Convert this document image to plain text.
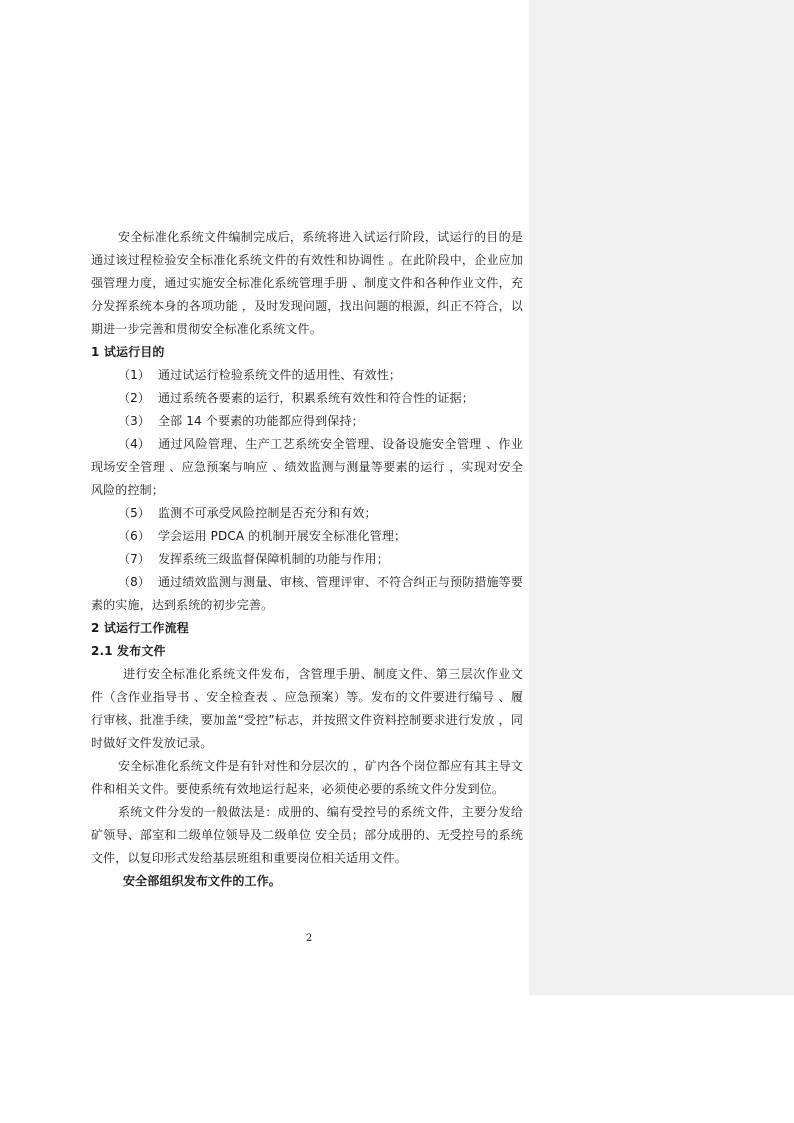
安全标准化系统文件编制完成后，系统将进入试运行阶段，试运行的目的是通过该过程检验安全标准化系统文件的有效性和协调性 。在此阶段中，企业应加强管理力度，通过实施安全标准化系统管理手册 、制度文件和各种作业文件，充分发挥系统本身的各项功能 ，及时发现问题，找出问题的根源，纠正不符合，以期进一步完善和贯彻安全标准化系统文件。

1 试运行目的

（1） 通过试运行检验系统文件的适用性、有效性；

（2） 通过系统各要素的运行，积累系统有效性和符合性的证据；

（3） 全部 14 个要素的功能都应得到保持；

（4） 通过风险管理、生产工艺系统安全管理、设备设施安全管理 、作业现场安全管理 、应急预案与响应 、绩效监测与测量等要素的运行 ，实现对安全风险的控制；

（5） 监测不可承受风险控制是否充分和有效；

（6） 学会运用 PDCA 的机制开展安全标准化管理；

（7） 发挥系统三级监督保障机制的功能与作用；

（8） 通过绩效监测与测量、审核、管理评审、不符合纠正与预防措施等要素的实施，达到系统的初步完善。

2 试运行工作流程

2.1 发布文件

进行安全标准化系统文件发布，含管理手册、制度文件、第三层次作业文件（含作业指导书 、安全检查表 、应急预案）等。发布的文件要进行编号 、履行审核、批准手续，要加盖“受控”标志，并按照文件资料控制要求进行发放 ，同时做好文件发放记录。

安全标准化系统文件是有针对性和分层次的 ，矿内各个岗位都应有其主导文件和相关文件。要使系统有效地运行起来，必须使必要的系统文件分发到位。

系统文件分发的一般做法是：成册的、编有受控号的系统文件，主要分发给矿领导、部室和二级单位领导及二级单位 安全员；部分成册的、无受控号的系统文件，以复印形式发给基层班组和重要岗位相关适用文件。

安全部组织发布文件的工作。

2
